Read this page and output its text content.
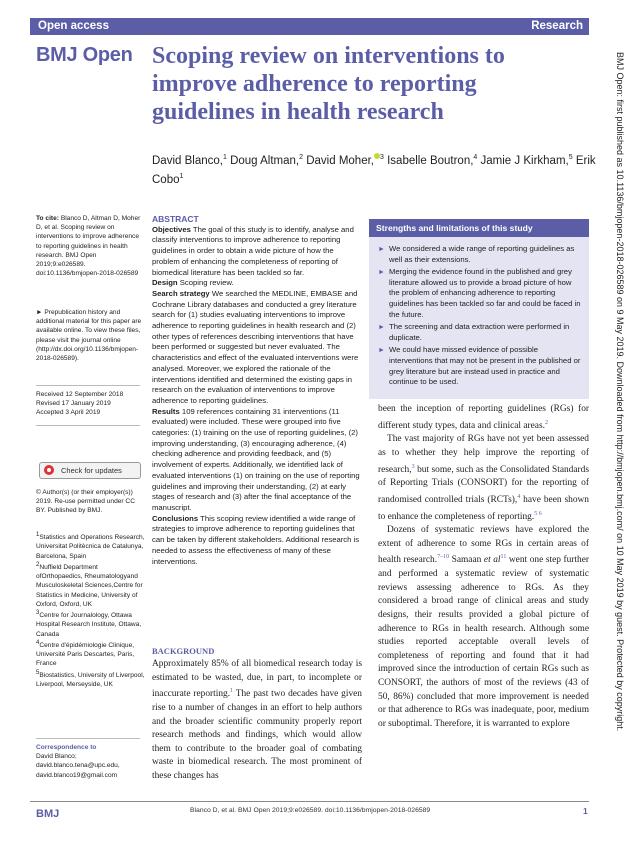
Open access	Research
BMJ Open Scoping review on interventions to improve adherence to reporting guidelines in health research
David Blanco,$^1$ Doug Altman,$^2$ David Moher, $^3$ Isabelle Boutron,$^4$ Jamie J Kirkham,$^5$ Erik Cobo$^1$
To cite: Blanco D, Altman D, Moher D, et al. Scoping review on interventions to improve adherence to reporting guidelines in health research. BMJ Open 2019;9:e026589. doi:10.1136/bmjopen-2018-026589
► Prepublication history and additional material for this paper are available online. To view these files, please visit the journal online (http://dx.doi.org/10.1136/bmjopen-2018-026589).
Received 12 September 2018
Revised 17 January 2019
Accepted 3 April 2019
Check for updates
© Author(s) (or their employer(s)) 2019. Re-use permitted under CC BY. Published by BMJ.
$^1$Statistics and Operations Research, Universitat Politècnica de Catalunya, Barcelona, Spain
$^2$Nuffield Department ofOrthopaedics, Rheumatologyand Musculoskeletal Sciences,Centre for Statistics in Medicine, University of Oxford, Oxford, UK
$^3$Centre for Journalology, Ottawa Hospital Research Institute, Ottawa, Canada
$^4$Centre d'épidémiologie Clinique, Université Paris Descartes, Paris, France
$^5$Biostatistics, University of Liverpool, Liverpool, Merseyside, UK
Correspondence to
David Blanco;
david.blanco.tena@upc.edu,
david.blanco19@gmail.com
ABSTRACT

Objectives The goal of this study is to identify, analyse and classify interventions to improve adherence to reporting guidelines in order to obtain a wide picture of how the problem of enhancing the completeness of reporting of biomedical literature has been tackled so far.

Design Scoping review.

Search strategy We searched the MEDLINE, EMBASE and Cochrane Library databases and conducted a grey literature search for (1) studies evaluating interventions to improve adherence to reporting guidelines in health research and (2) other types of references describing interventions that have been performed or suggested but never evaluated. The characteristics and effect of the evaluated interventions were analysed. Moreover, we explored the rationale of the interventions identified and determined the existing gaps in research on the evaluation of interventions to improve adherence to reporting guidelines.

Results 109 references containing 31 interventions (11 evaluated) were included. These were grouped into five categories: (1) training on the use of reporting guidelines, (2) improving understanding, (3) encouraging adherence, (4) checking adherence and providing feedback, and (5) involvement of experts. Additionally, we identified lack of evaluated interventions (1) on training on the use of reporting guidelines and improving their understanding, (2) at early stages of research and (3) after the final acceptance of the manuscript.

Conclusions This scoping review identified a wide range of strategies to improve adherence to reporting guidelines that can be taken by different stakeholders. Additional research is needed to assess the effectiveness of many of these interventions.

Strengths and limitations of this study
► We considered a wide range of reporting guidelines as well as their extensions.
► Merging the evidence found in the published and grey literature allowed us to provide a broad picture of how the problem of enhancing adherence to reporting guidelines has been tackled so far and could be faced in the future.
► The screening and data extraction were performed in duplicate.
► We could have missed evidence of possible interventions that may not be present in the published or grey literature but are instead used in practice and continue to be used.

been the inception of reporting guidelines (RGs) for different study types, data and clinical areas.$^2$

The vast majority of RGs have not yet been assessed as to whether they help improve the reporting of research,$^3$ but some, such as the Consolidated Standards of Reporting Trials (CONSORT) for the reporting of randomised controlled trials (RCTs),$^4$ have been shown to enhance the completeness of reporting.$^{5 6}$

Dozens of systematic reviews have explored the extent of adherence to some RGs in certain areas of health research.$^{7-10}$ Samaan et $al^{11}$ went one step further and performed a systematic review of systematic reviews assessing adherence to RGs. As they considered a broad range of clinical areas and study designs, their results provided a global picture of adherence to RGs in health research. Although some studies reported acceptable overall levels of completeness of reporting and found that it had improved since the introduction of certain RGs such as CONSORT, the authors of most of the reviews (43 of 50, 86%) concluded that more improvement is needed or that adherence to RGs was inadequate, poor, medium or suboptimal. Therefore, it is warranted to explore

BACKGROUND

Approximately 85% of all biomedical research today is estimated to be wasted, due, in part, to incomplete or inaccurate reporting.$^1$ The past two decades have given rise to a number of changes in an effort to help authors and the broader scientific community properly report research methods and findings, which would allow them to contribute to the broader goal of combating waste in biomedical research. The most prominent of these changes has

BMJ	Blanco D, et al. BMJ Open 2019;9:e026589. doi:10.1136/bmjopen-2018-026589	1
BMJ Open: first published as 10.1136/bmjopen-2018-026589 on 9 May 2019. Downloaded from http://bmjopen.bmj.com/ on 10 May 2019 by guest. Protected by copyright.
